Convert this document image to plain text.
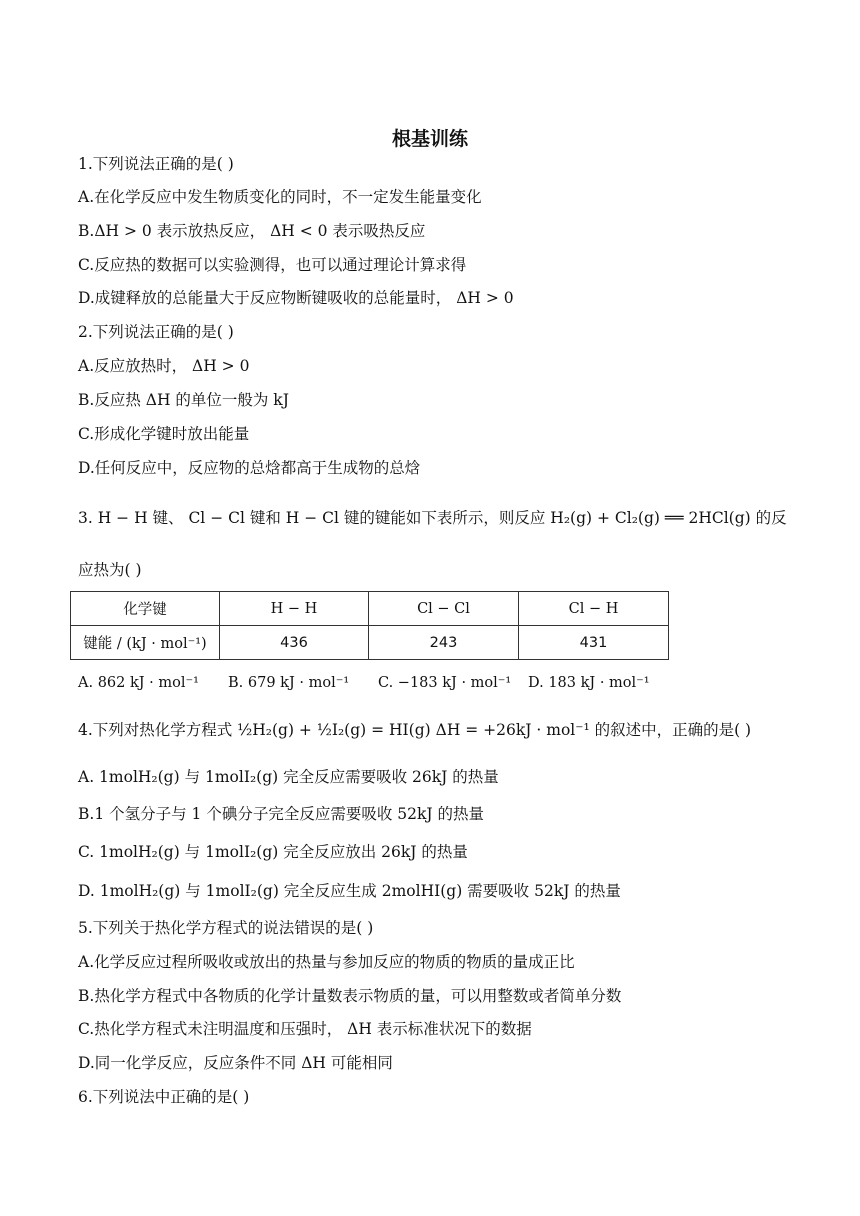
根基训练
1.下列说法正确的是( )
A.在化学反应中发生物质变化的同时，不一定发生能量变化
B.ΔH > 0 表示放热反应， ΔH < 0 表示吸热反应
C.反应热的数据可以实验测得，也可以通过理论计算求得
D.成键释放的总能量大于反应物断键吸收的总能量时， ΔH > 0
2.下列说法正确的是( )
A.反应放热时， ΔH > 0
B.反应热 ΔH 的单位一般为 kJ
C.形成化学键时放出能量
D.任何反应中，反应物的总焓都高于生成物的总焓
3. H − H 键、 Cl − Cl 键和 H − Cl 键的键能如下表所示，则反应 H₂(g) + Cl₂(g) ══ 2HCl(g) 的反
应热为( )
化学键	H − H	Cl − Cl	Cl − H
键能 / (kJ · mol⁻¹)	436	243	431
A. 862 kJ · mol⁻¹ B. 679 kJ · mol⁻¹ C. −183 kJ · mol⁻¹ D. 183 kJ · mol⁻¹
4.下列对热化学方程式 ½H₂(g) + ½I₂(g) = HI(g) ΔH = +26kJ · mol⁻¹ 的叙述中，正确的是( )
A. 1molH₂(g) 与 1molI₂(g) 完全反应需要吸收 26kJ 的热量
B.1 个氢分子与 1 个碘分子完全反应需要吸收 52kJ 的热量
C. 1molH₂(g) 与 1molI₂(g) 完全反应放出 26kJ 的热量
D. 1molH₂(g) 与 1molI₂(g) 完全反应生成 2molHI(g) 需要吸收 52kJ 的热量
5.下列关于热化学方程式的说法错误的是( )
A.化学反应过程所吸收或放出的热量与参加反应的物质的物质的量成正比
B.热化学方程式中各物质的化学计量数表示物质的量，可以用整数或者简单分数
C.热化学方程式未注明温度和压强时， ΔH 表示标准状况下的数据
D.同一化学反应，反应条件不同 ΔH 可能相同
6.下列说法中正确的是( )
